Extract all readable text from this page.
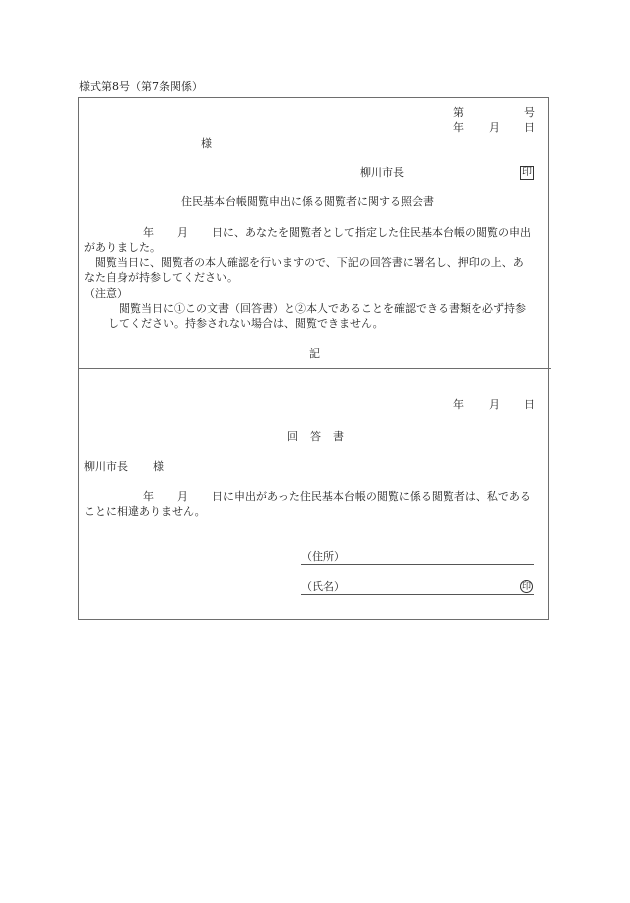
様式第8号（第7条関係）
第	号
年 月 日
様
柳川市長	印
住民基本台帳閲覧申出に係る閲覧者に関する照会書
年 月 日に、あなたを閲覧者として指定した住民基本台帳の閲覧の申出
がありました。
閲覧当日に、閲覧者の本人確認を行いますので、下記の回答書に署名し、押印の上、あ
なた自身が持参してください。
（注意）
閲覧当日に①この文書（回答書）と②本人であることを確認できる書類を必ず持参
してください。持参されない場合は、閲覧できません。
記
年 月 日
回答書
柳川市長 様
年 月 日に申出があった住民基本台帳の閲覧に係る閲覧者は、私である
ことに相違ありません。
（住所）
（氏名）	印
